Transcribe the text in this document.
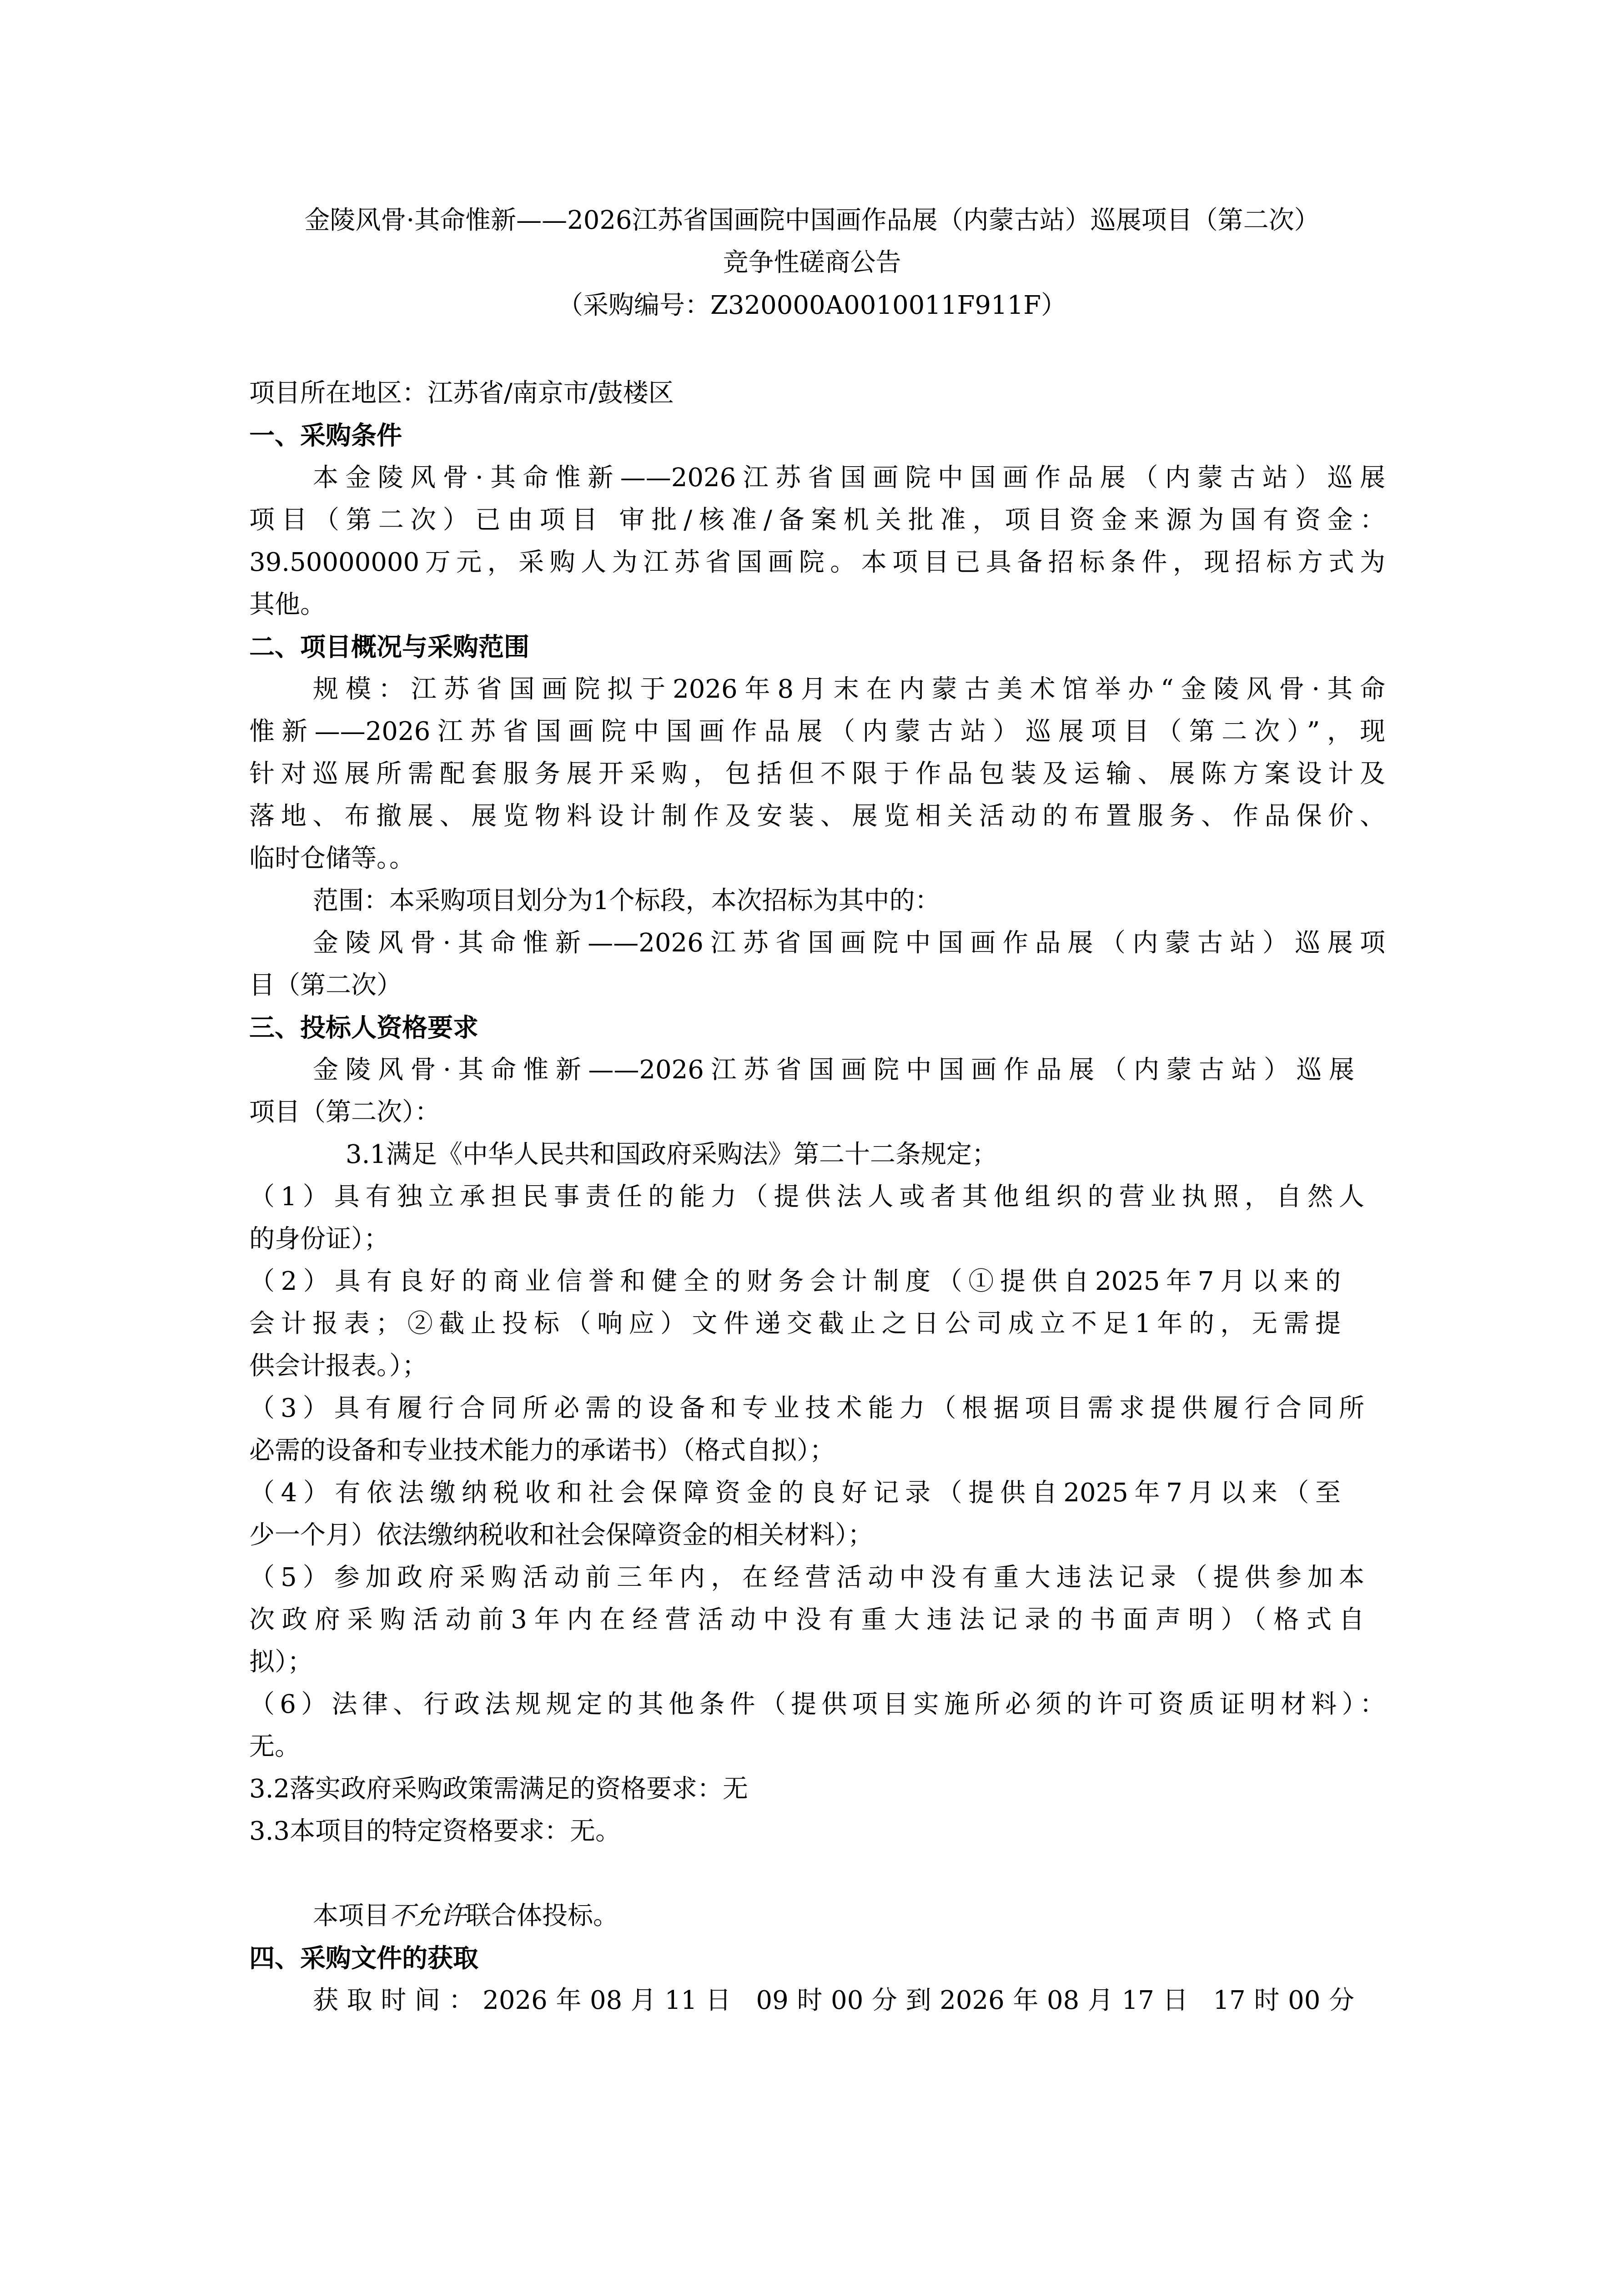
金陵风骨·其命惟新——2026江苏省国画院中国画作品展（内蒙古站）巡展项目（第二次）
竞争性磋商公告
（采购编号：Z320000A0010011F911F）
项目所在地区：江苏省/南京市/鼓楼区
一、采购条件
本金陵风骨·其命惟新——2026江苏省国画院中国画作品展（内蒙古站）巡展
项目（第二次）已由项目 审批/核准/备案机关批准，项目资金来源为国有资金：
39.50000000万元，采购人为江苏省国画院。本项目已具备招标条件，现招标方式为
其他。
二、项目概况与采购范围
规模：江苏省国画院拟于2026年8月末在内蒙古美术馆举办“金陵风骨·其命
惟新——2026江苏省国画院中国画作品展（内蒙古站）巡展项目（第二次）”，现
针对巡展所需配套服务展开采购，包括但不限于作品包装及运输、展陈方案设计及
落地、布撤展、展览物料设计制作及安装、展览相关活动的布置服务、作品保价、
临时仓储等。。
范围：本采购项目划分为1个标段，本次招标为其中的：
金陵风骨·其命惟新——2026江苏省国画院中国画作品展（内蒙古站）巡展项
目（第二次）
三、投标人资格要求
金陵风骨·其命惟新——2026江苏省国画院中国画作品展（内蒙古站）巡展
项目（第二次）：
3.1满足《中华人民共和国政府采购法》第二十二条规定；
（1）具有独立承担民事责任的能力（提供法人或者其他组织的营业执照，自然人
的身份证）；
（2）具有良好的商业信誉和健全的财务会计制度（①提供自2025年7月以来的
会计报表；②截止投标（响应）文件递交截止之日公司成立不足1年的，无需提
供会计报表。）；
（3）具有履行合同所必需的设备和专业技术能力（根据项目需求提供履行合同所
必需的设备和专业技术能力的承诺书）（格式自拟）；
（4）有依法缴纳税收和社会保障资金的良好记录（提供自2025年7月以来（至
少一个月）依法缴纳税收和社会保障资金的相关材料）；
（5）参加政府采购活动前三年内，在经营活动中没有重大违法记录（提供参加本
次政府采购活动前3年内在经营活动中没有重大违法记录的书面声明）（格式自
拟）；
（6）法律、行政法规规定的其他条件（提供项目实施所必须的许可资质证明材料）：
无。
3.2落实政府采购政策需满足的资格要求：无
3.3本项目的特定资格要求：无。
本项目不允许联合体投标。
四、采购文件的获取
获取时间：2026年08月11日 09时00分到2026年08月17日 17时00分
